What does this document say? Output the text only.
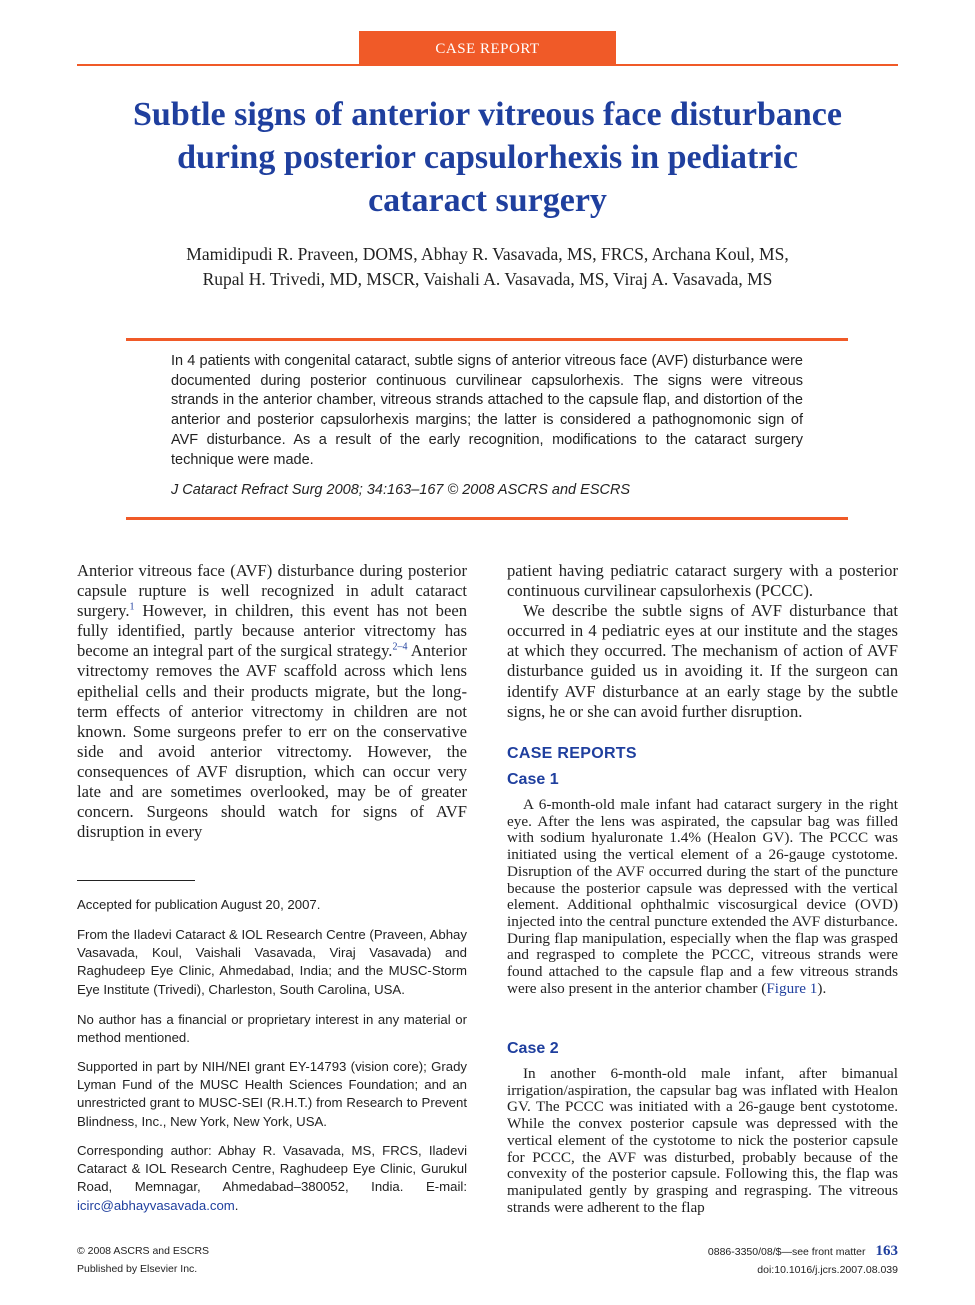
CASE REPORT
Subtle signs of anterior vitreous face disturbance
during posterior capsulorhexis in pediatric
cataract surgery
Mamidipudi R. Praveen, DOMS, Abhay R. Vasavada, MS, FRCS, Archana Koul, MS,
Rupal H. Trivedi, MD, MSCR, Vaishali A. Vasavada, MS, Viraj A. Vasavada, MS
In 4 patients with congenital cataract, subtle signs of anterior vitreous face (AVF) disturbance were documented during posterior continuous curvilinear capsulorhexis. The signs were vitreous strands in the anterior chamber, vitreous strands attached to the capsule flap, and distortion of the anterior and posterior capsulorhexis margins; the latter is considered a pathognomonic sign of AVF disturbance. As a result of the early recognition, modifications to the cataract surgery technique were made.
J Cataract Refract Surg 2008; 34:163–167 © 2008 ASCRS and ESCRS
Anterior vitreous face (AVF) disturbance during posterior capsule rupture is well recognized in adult cataract surgery.$^1$ However, in children, this event has not been fully identified, partly because anterior vitrectomy has become an integral part of the surgical strategy.$^{2-4}$ Anterior vitrectomy removes the AVF scaffold across which lens epithelial cells and their products migrate, but the long-term effects of anterior vitrectomy in children are not known. Some surgeons prefer to err on the conservative side and avoid anterior vitrectomy. However, the consequences of AVF disruption, which can occur very late and are sometimes overlooked, may be of greater concern. Surgeons should watch for signs of AVF disruption in every

patient having pediatric cataract surgery with a posterior continuous curvilinear capsulorhexis (PCCC).

We describe the subtle signs of AVF disturbance that occurred in 4 pediatric eyes at our institute and the stages at which they occurred. The mechanism of action of AVF disturbance guided us in avoiding it. If the surgeon can identify AVF disturbance at an early stage by the subtle signs, he or she can avoid further disruption.

CASE REPORTS
Case 1
A 6-month-old male infant had cataract surgery in the right eye. After the lens was aspirated, the capsular bag was filled with sodium hyaluronate 1.4% (Healon GV). The PCCC was initiated using the vertical element of a 26-gauge cystotome. Disruption of the AVF occurred during the start of the puncture because the posterior capsule was depressed with the vertical element. Additional ophthalmic viscosurgical device (OVD) injected into the central puncture extended the AVF disturbance. During flap manipulation, especially when the flap was grasped and regrasped to complete the PCCC, vitreous strands were found attached to the capsule flap and a few vitreous strands were also present in the anterior chamber (Figure 1).
Case 2
In another 6-month-old male infant, after bimanual irrigation/aspiration, the capsular bag was inflated with Healon GV. The PCCC was initiated with a 26-gauge bent cystotome. While the convex posterior capsule was depressed with the vertical element of the cystotome to nick the posterior capsule for PCCC, the AVF was disturbed, probably because of the convexity of the posterior capsule. Following this, the flap was manipulated gently by grasping and regrasping. The vitreous strands were adherent to the flap
Accepted for publication August 20, 2007.
From the Iladevi Cataract & IOL Research Centre (Praveen, Abhay Vasavada, Koul, Vaishali Vasavada, Viraj Vasavada) and Raghudeep Eye Clinic, Ahmedabad, India; and the MUSC-Storm Eye Institute (Trivedi), Charleston, South Carolina, USA.
No author has a financial or proprietary interest in any material or method mentioned.
Supported in part by NIH/NEI grant EY-14793 (vision core); Grady Lyman Fund of the MUSC Health Sciences Foundation; and an unrestricted grant to MUSC-SEI (R.H.T.) from Research to Prevent Blindness, Inc., New York, New York, USA.
Corresponding author: Abhay R. Vasavada, MS, FRCS, Iladevi Cataract & IOL Research Centre, Raghudeep Eye Clinic, Gurukul Road, Memnagar, Ahmedabad–380052, India. E-mail: icirc@abhayvasavada.com.
© 2008 ASCRS and ESCRS
Published by Elsevier Inc.
0886-3350/08/$—see front matter 163
doi:10.1016/j.jcrs.2007.08.039
